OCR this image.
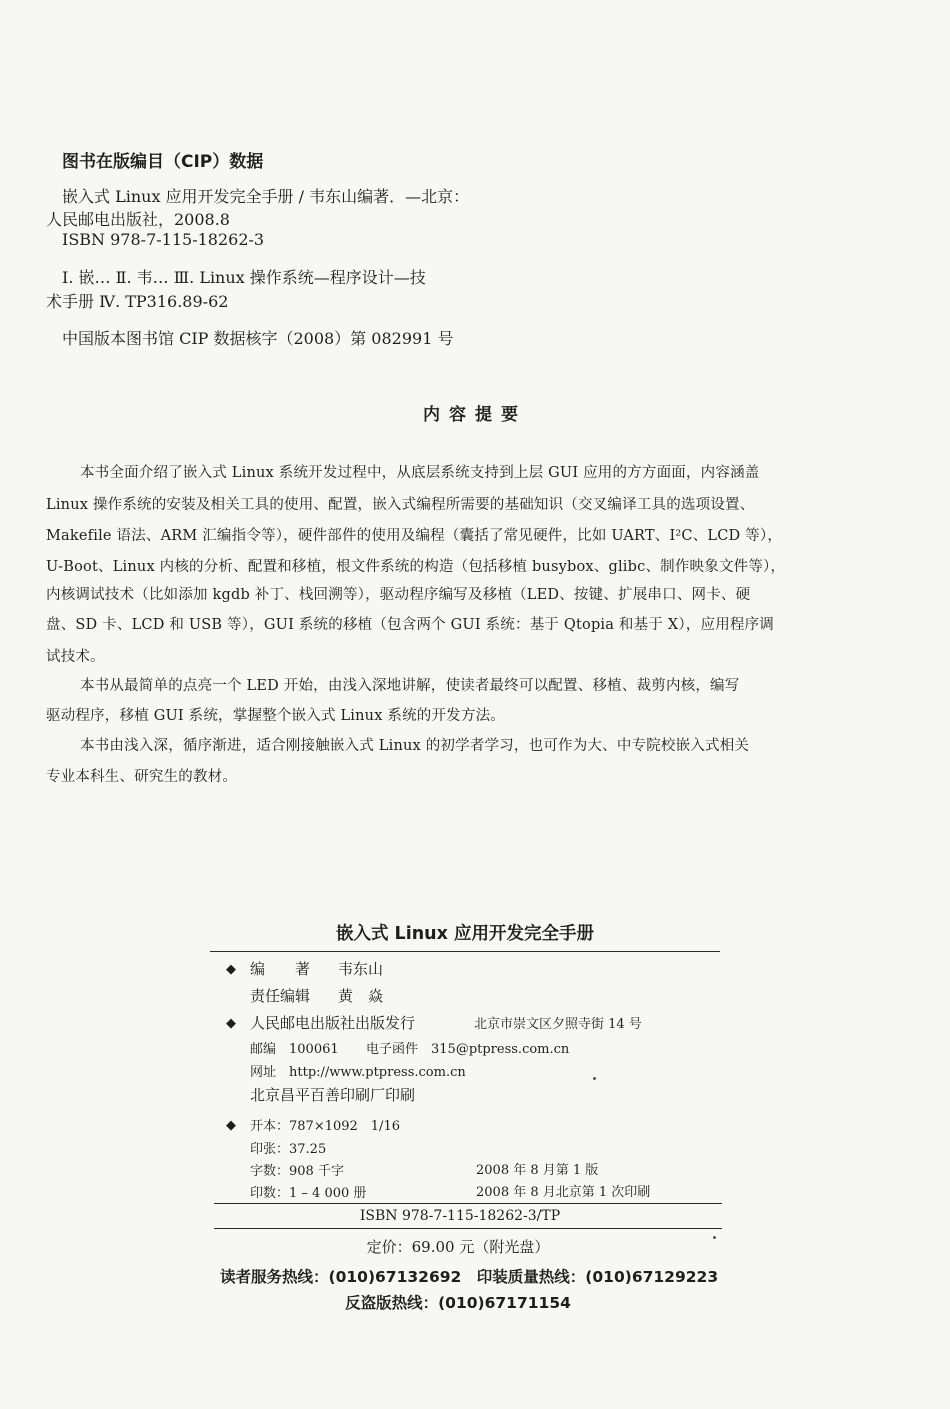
图书在版编目（CIP）数据
嵌入式 Linux 应用开发完全手册 / 韦东山编著．—北京：
人民邮电出版社，2008.8
ISBN 978-7-115-18262-3
Ⅰ. 嵌… Ⅱ. 韦… Ⅲ. Linux 操作系统—程序设计—技
术手册 Ⅳ. TP316.89-62
中国版本图书馆 CIP 数据核字（2008）第 082991 号
内容提要
本书全面介绍了嵌入式 Linux 系统开发过程中，从底层系统支持到上层 GUI 应用的方方面面，内容涵盖
Linux 操作系统的安装及相关工具的使用、配置，嵌入式编程所需要的基础知识（交叉编译工具的选项设置、
Makefile 语法、ARM 汇编指令等），硬件部件的使用及编程（囊括了常见硬件，比如 UART、I²C、LCD 等），
U-Boot、Linux 内核的分析、配置和移植，根文件系统的构造（包括移植 busybox、glibc、制作映象文件等），
内核调试技术（比如添加 kgdb 补丁、栈回溯等），驱动程序编写及移植（LED、按键、扩展串口、网卡、硬
盘、SD 卡、LCD 和 USB 等），GUI 系统的移植（包含两个 GUI 系统：基于 Qtopia 和基于 X），应用程序调
试技术。
本书从最简单的点亮一个 LED 开始，由浅入深地讲解，使读者最终可以配置、移植、裁剪内核，编写
驱动程序，移植 GUI 系统，掌握整个嵌入式 Linux 系统的开发方法。
本书由浅入深，循序渐进，适合刚接触嵌入式 Linux 的初学者学习，也可作为大、中专院校嵌入式相关
专业本科生、研究生的教材。
嵌入式 Linux 应用开发完全手册
◆ 编　　著 韦东山
责任编辑 黄　焱
◆ 人民邮电出版社出版发行	北京市崇文区夕照寺街 14 号
邮编　100061 电子函件　315@ptpress.com.cn
网址　http://www.ptpress.com.cn
北京昌平百善印刷厂印刷
◆ 开本：787×1092　1/16
印张：37.25
字数：908 千字	2008 年 8 月第 1 版
印数：1 – 4 000 册	2008 年 8 月北京第 1 次印刷
ISBN 978-7-115-18262-3/TP
定价：69.00 元（附光盘）
读者服务热线：(010)67132692　印装质量热线：(010)67129223
反盗版热线：(010)67171154
